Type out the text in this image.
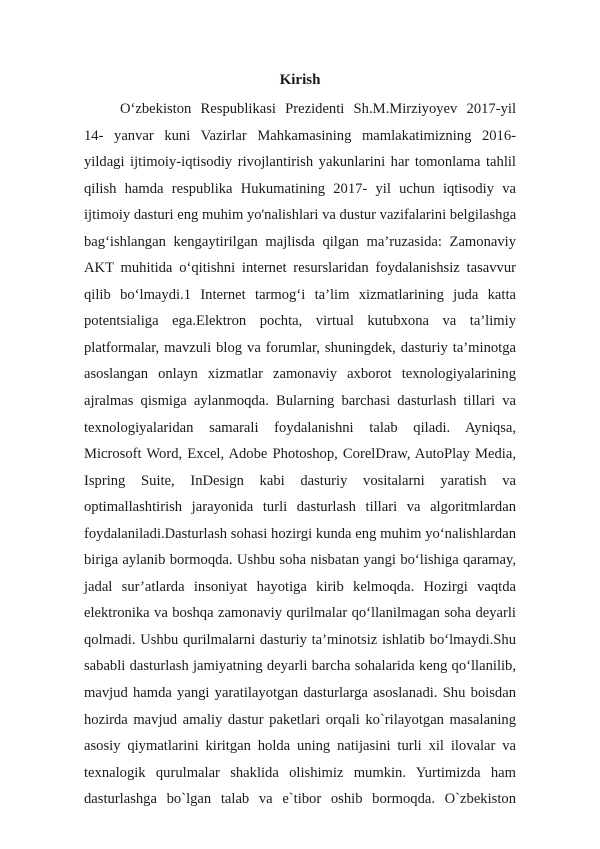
Kirish
O‘zbekiston Respublikasi Prezidenti Sh.M.Mirziyoyev 2017-yil
14- yanvar kuni Vazirlar Mahkamasining mamlakatimizning 2016-
yildagi ijtimoiy-iqtisodiy rivojlantirish yakunlarini har tomonlama tahlil
qilish hamda respublika Hukumatining 2017- yil uchun iqtisodiy va
ijtimoiy dasturi eng muhim yo'nalishlari va dustur vazifalarini belgilashga
bag‘ishlangan kengaytirilgan majlisda qilgan ma’ruzasida: Zamonaviy
AKT muhitida o‘qitishni internet resurslaridan foydalanishsiz tasavvur
qilib bo‘lmaydi.1 Internet tarmog‘i ta’lim xizmatlarining juda katta
potentsialiga ega.Elektron pochta, virtual kutubxona va ta’limiy
platformalar, mavzuli blog va forumlar, shuningdek, dasturiy ta’minotga
asoslangan onlayn xizmatlar zamonaviy axborot texnologiyalarining
ajralmas qismiga aylanmoqda. Bularning barchasi dasturlash tillari va
texnologiyalaridan samarali foydalanishni talab qiladi. Ayniqsa,
Microsoft Word, Excel, Adobe Photoshop, CorelDraw, AutoPlay Media,
Ispring Suite, InDesign kabi dasturiy vositalarni yaratish va
optimallashtirish jarayonida turli dasturlash tillari va algoritmlardan
foydalaniladi.Dasturlash sohasi hozirgi kunda eng muhim yo‘nalishlardan
biriga aylanib bormoqda. Ushbu soha nisbatan yangi bo‘lishiga qaramay,
jadal sur’atlarda insoniyat hayotiga kirib kelmoqda. Hozirgi vaqtda
elektronika va boshqa zamonaviy qurilmalar qo‘llanilmagan soha deyarli
qolmadi. Ushbu qurilmalarni dasturiy ta’minotsiz ishlatib bo‘lmaydi.Shu
sababli dasturlash jamiyatning deyarli barcha sohalarida keng qo‘llanilib,
mavjud hamda yangi yaratilayotgan dasturlarga asoslanadi. Shu boisdan
hozirda mavjud amaliy dastur paketlari orqali ko`rilayotgan masalaning
asosiy qiymatlarini kiritgan holda uning natijasini turli xil ilovalar va
texnalogik qurulmalar shaklida olishimiz mumkin. Yurtimizda ham
dasturlashga bo`lgan talab va e`tibor oshib bormoqda. O`zbekiston
